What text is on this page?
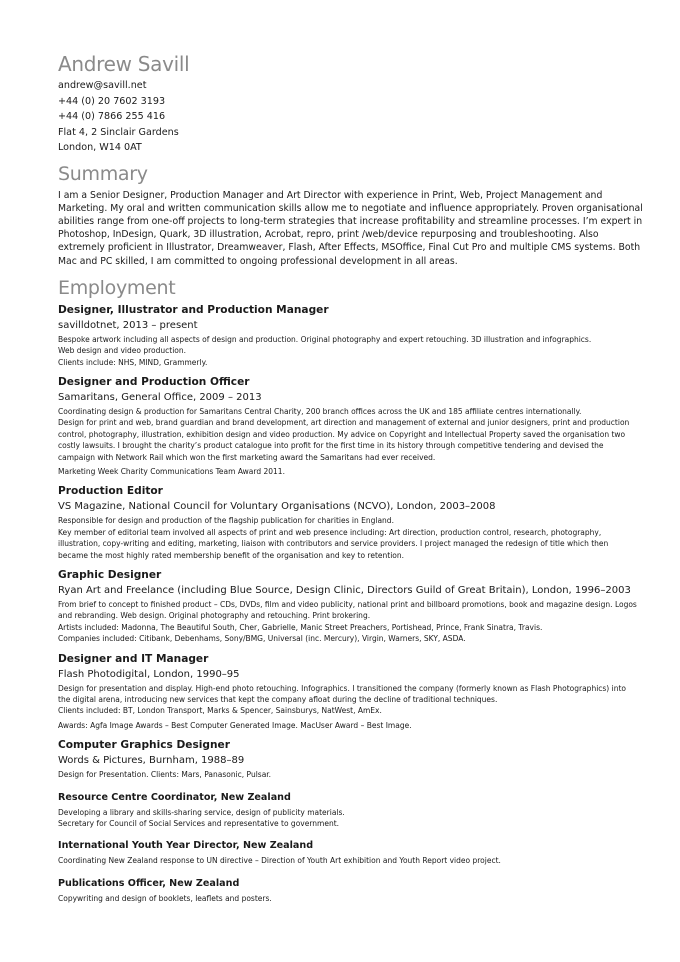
Andrew Savill
andrew@savill.net
+44 (0) 20 7602 3193
+44 (0) 7866 255 416
Flat 4, 2 Sinclair Gardens
London, W14 0AT
Summary

I am a Senior Designer, Production Manager and Art Director with experience in Print, Web, Project Management and Marketing. My oral and written communication skills allow me to negotiate and influence appropriately. Proven organisational abilities range from one-off projects to long-term strategies that increase profitability and streamline processes. I’m expert in Photoshop, InDesign, Quark, 3D illustration, Acrobat, repro, print /web/device repurposing and troubleshooting. Also extremely proficient in Illustrator, Dreamweaver, Flash, After Effects, MSOffice, Final Cut Pro and multiple CMS systems. Both Mac and PC skilled, I am committed to ongoing professional development in all areas.

Employment
Designer, Illustrator and Production Manager
savilldotnet, 2013 – present
Bespoke artwork including all aspects of design and production. Original photography and expert retouching. 3D illustration and infographics.
Web design and video production.
Clients include: NHS, MIND, Grammerly.
Designer and Production Officer
Samaritans, General Office, 2009 – 2013
Coordinating design & production for Samaritans Central Charity, 200 branch offices across the UK and 185 affiliate centres internationally.
Design for print and web, brand guardian and brand development, art direction and management of external and junior designers, print and production control, photography, illustration, exhibition design and video production. My advice on Copyright and Intellectual Property saved the organisation two costly lawsuits. I brought the charity’s product catalogue into profit for the first time in its history through competitive tendering and devised the campaign with Network Rail which won the first marketing award the Samaritans had ever received.
Marketing Week Charity Communications Team Award 2011.
Production Editor
VS Magazine, National Council for Voluntary Organisations (NCVO), London, 2003–2008
Responsible for design and production of the flagship publication for charities in England.
Key member of editorial team involved all aspects of print and web presence including: Art direction, production control, research, photography, illustration, copy-writing and editing, marketing, liaison with contributors and service providers. I project managed the redesign of title which then became the most highly rated membership benefit of the organisation and key to retention.
Graphic Designer
Ryan Art and Freelance (including Blue Source, Design Clinic, Directors Guild of Great Britain), London, 1996–2003
From brief to concept to finished product – CDs, DVDs, film and video publicity, national print and billboard promotions, book and magazine design. Logos and rebranding. Web design. Original photography and retouching. Print brokering.
Artists included: Madonna, The Beautiful South, Cher, Gabrielle, Manic Street Preachers, Portishead, Prince, Frank Sinatra, Travis.
Companies included: Citibank, Debenhams, Sony/BMG, Universal (inc. Mercury), Virgin, Warners, SKY, ASDA.
Designer and IT Manager
Flash Photodigital, London, 1990–95
Design for presentation and display. High-end photo retouching. Infographics. I transitioned the company (formerly known as Flash Photographics) into the digital arena, introducing new services that kept the company afloat during the decline of traditional techniques.
Clients included: BT, London Transport, Marks & Spencer, Sainsburys, NatWest, AmEx.
Awards: Agfa Image Awards – Best Computer Generated Image. MacUser Award – Best Image.
Computer Graphics Designer
Words & Pictures, Burnham, 1988–89
Design for Presentation. Clients: Mars, Panasonic, Pulsar.
Resource Centre Coordinator, New Zealand
Developing a library and skills-sharing service, design of publicity materials.
Secretary for Council of Social Services and representative to government.
International Youth Year Director, New Zealand
Coordinating New Zealand response to UN directive – Direction of Youth Art exhibition and Youth Report video project.
Publications Officer, New Zealand
Copywriting and design of booklets, leaflets and posters.
